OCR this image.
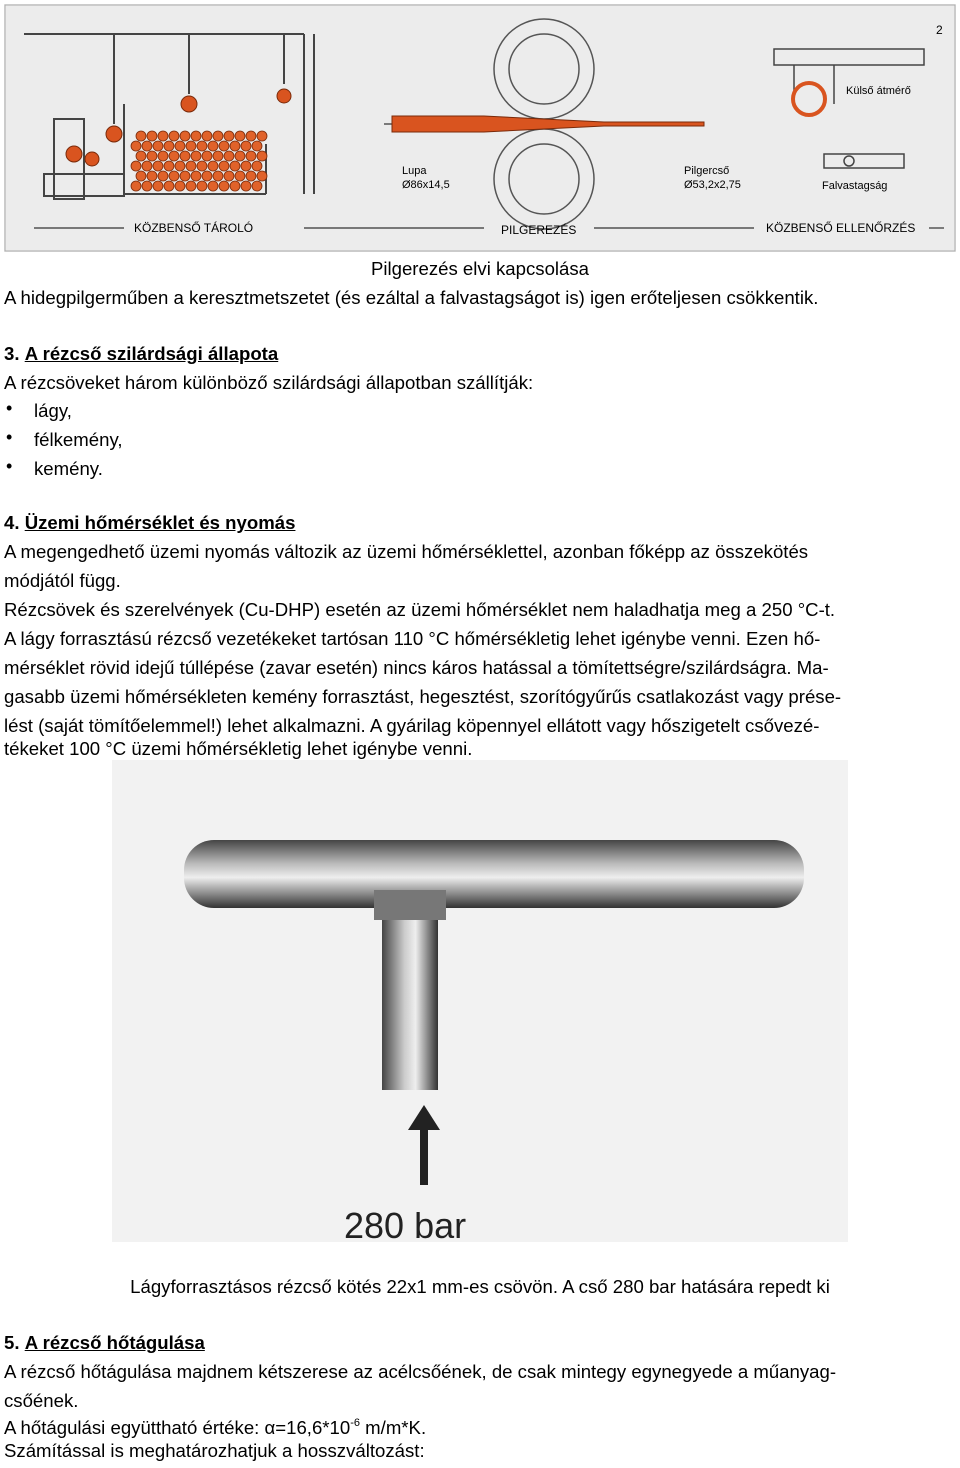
Lupa
Ø86x14,5
Pilgercső
Ø53,2x2,75
Külső átmérő
Falvastagság
2
KÖZBENSŐ TÁROLÓ	PILGEREZÉS	KÖZBENSŐ ELLENŐRZÉS
Pilgerezés elvi kapcsolása
A hidegpilgerműben a keresztmetszetet (és ezáltal a falvastagságot is) igen erőteljesen csökkentik.
3. A rézcső szilárdsági állapota
A rézcsöveket három különböző szilárdsági állapotban szállítják:
• lágy,
• félkemény,
• kemény.
4. Üzemi hőmérséklet és nyomás
A megengedhető üzemi nyomás változik az üzemi hőmérséklettel, azonban főképp az összekötés
módjától függ.
Rézcsövek és szerelvények (Cu-DHP) esetén az üzemi hőmérséklet nem haladhatja meg a 250 °C-t.
A lágy forrasztású rézcső vezetékeket tartósan 110 °C hőmérsékletig lehet igénybe venni. Ezen hő-
mérséklet rövid idejű túllépése (zavar esetén) nincs káros hatással a tömítettségre/szilárdságra. Ma-
gasabb üzemi hőmérsékleten kemény forrasztást, hegesztést, szorítógyűrűs csatlakozást vagy prése-
lést (saját tömítőelemmel!) lehet alkalmazni. A gyárilag köpennyel ellátott vagy hőszigetelt csővezé-
tékeket 100 °C üzemi hőmérsékletig lehet igénybe venni.
280 bar
Lágyforrasztásos rézcső kötés 22x1 mm-es csövön. A cső 280 bar hatására repedt ki
5. A rézcső hőtágulása
A rézcső hőtágulása majdnem kétszerese az acélcsőének, de csak mintegy egynegyede a műanyag-
csőének.
A hőtágulási együttható értéke: $\alpha=16,6*10^{-6}$ m/m*K.
Számítással is meghatározhatjuk a hosszváltozást:
